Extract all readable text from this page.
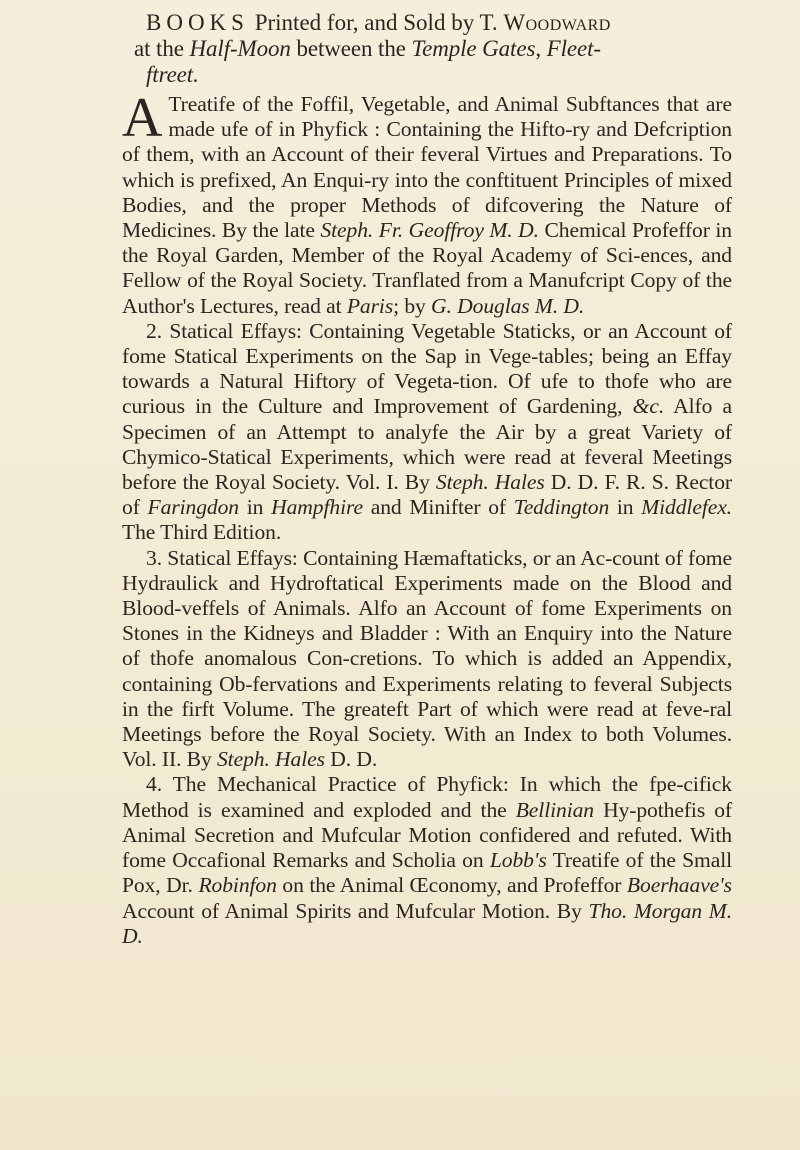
BOOKS Printed for, and Sold by T. Woodward
at the Half-Moon between the Temple Gates, Fleet-
ftreet.

A Treatife of the Foffil, Vegetable, and Animal Subftances that are made ufe of in Phyfick : Containing the Hifto-ry and Defcription of them, with an Account of their feveral Virtues and Preparations. To which is prefixed, An Enqui-ry into the conftituent Principles of mixed Bodies, and the proper Methods of difcovering the Nature of Medicines. By the late Steph. Fr. Geoffroy M. D. Chemical Profeffor in the Royal Garden, Member of the Royal Academy of Sci-ences, and Fellow of the Royal Society. Tranflated from a Manufcript Copy of the Author's Lectures, read at Paris; by G. Douglas M. D.

2. Statical Effays: Containing Vegetable Staticks, or an Account of fome Statical Experiments on the Sap in Vege-tables; being an Effay towards a Natural Hiftory of Vegeta-tion. Of ufe to thofe who are curious in the Culture and Improvement of Gardening, &c. Alfo a Specimen of an Attempt to analyfe the Air by a great Variety of Chymico-Statical Experiments, which were read at feveral Meetings before the Royal Society. Vol. I. By Steph. Hales D. D. F. R. S. Rector of Faringdon in Hampfhire and Minifter of Teddington in Middlefex. The Third Edition.

3. Statical Effays: Containing Hæmaftaticks, or an Ac-count of fome Hydraulick and Hydroftatical Experiments made on the Blood and Blood-veffels of Animals. Alfo an Account of fome Experiments on Stones in the Kidneys and Bladder : With an Enquiry into the Nature of thofe anomalous Con-cretions. To which is added an Appendix, containing Ob-fervations and Experiments relating to feveral Subjects in the firft Volume. The greateft Part of which were read at feve-ral Meetings before the Royal Society. With an Index to both Volumes. Vol. II. By Steph. Hales D. D.

4. The Mechanical Practice of Phyfick: In which the fpe-cifick Method is examined and exploded and the Bellinian Hy-pothefis of Animal Secretion and Mufcular Motion confidered and refuted. With fome Occafional Remarks and Scholia on Lobb's Treatife of the Small Pox, Dr. Robinfon on the Animal Œconomy, and Profeffor Boerhaave's Account of Animal Spirits and Mufcular Motion. By Tho. Morgan M. D.
